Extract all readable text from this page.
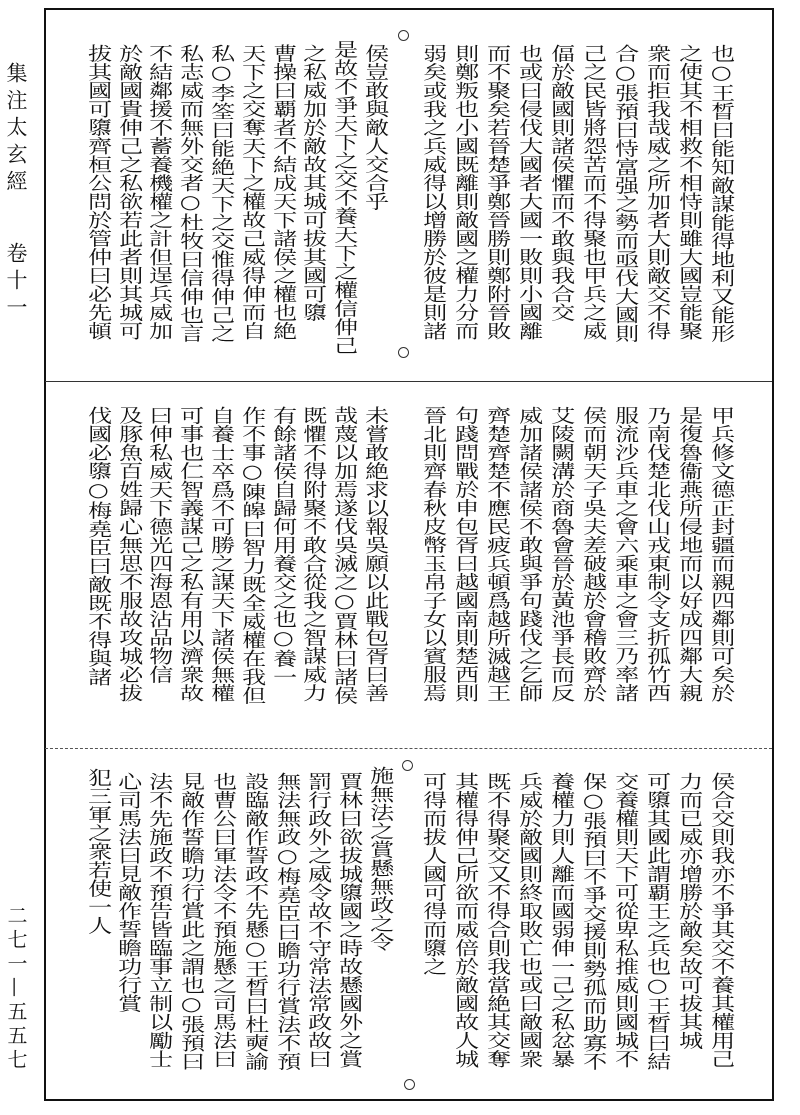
集注太玄經
卷十一
二七一—五五七
也○王晳曰能知敵謀能得地利又能形
之使其不相救不相恃則雖大國豈能聚
衆而拒我哉威之所加者大則敵交不得
合○張預曰恃富强之勢而亟伐大國則
己之民皆將怨苦而不得聚也甲兵之威
偪於敵國則諸侯懼而不敢與我合交
也或曰侵伐大國者大國一敗則小國離
而不聚矣若晉楚爭鄭晉勝則鄭附晉敗
則鄭叛也小國既離則敵國之權力分而
弱矣或我之兵威得以增勝於彼是則諸
侯豈敢與敵人交合乎
是故不爭天下之交不養天下之權信伸己
之私威加於敵故其城可拔其國可隳
曹操曰覇者不結成天下諸侯之權也絶
天下之交奪天下之權故己威得伸而自
私○李筌曰能絶天下之交惟得伸己之
私志威而無外交者○杜牧曰信伸也言
不結鄰援不蓄養機權之計但逞兵威加
於敵國貴伸己之私欲若此者則其城可
拔其國可隳齊桓公問於管仲曰必先頓
甲兵修文德正封疆而親四鄰則可矣於
是復魯衞燕所侵地而以好成四鄰大親
乃南伐楚北伐山戎東制令支折孤竹西
服流沙兵車之會六乘車之會三乃率諸
侯而朝天子吳夫差破越於會稽敗齊於
艾陵闕溝於商魯會晉於黃池爭長而反
威加諸侯諸侯不敢與爭句踐伐之乞師
齊楚齊楚不應民疲兵頓爲越所滅越王
句踐問戰於申包胥曰越國南則楚西則
晉北則齊春秋皮幣玉帛子女以賓服焉
未嘗敢絶求以報吳願以此戰包胥曰善
哉蔑以加焉遂伐吳滅之○賈林曰諸侯
既懼不得附聚不敢合從我之智謀威力
有餘諸侯自歸何用養交之也○養一
作不事○陳皞曰智力既全威權在我但
自養士卒爲不可勝之謀天下諸侯無權
可事也仁智義謀己之私有用以濟衆故
曰伸私威天下德光四海恩沾品物信
及豚魚百姓歸心無思不服故攻城必拔
伐國必隳○梅堯臣曰敵既不得與諸
侯合交則我亦不爭其交不養其權用己
力而已威亦增勝於敵矣故可拔其城
可隳其國此謂覇王之兵也○王晳曰結
交養權則天下可從卑私推威則國城不
保○張預曰不爭交援則勢孤而助寡不
養權力則人離而國弱伸一己之私忿暴
兵威於敵國則終取敗亡也或曰敵國衆
既不得聚交又不得合則我當絶其交奪
其權得伸己所欲而威倍於敵國故人城
可得而拔人國可得而隳之
施無法之賞懸無政之令
賈林曰欲拔城隳國之時故懸國外之賞
罰行政外之威令故不守常法常政故曰
無法無政○梅堯臣曰瞻功行賞法不預
設臨敵作誓政不先懸○王晳曰杜奭諭
也曹公曰軍法令不預施懸之司馬法曰
見敵作誓瞻功行賞此之謂也○張預曰
法不先施政不預告皆臨事立制以勵士
心司馬法曰見敵作誓瞻功行賞
犯三軍之衆若使一人
